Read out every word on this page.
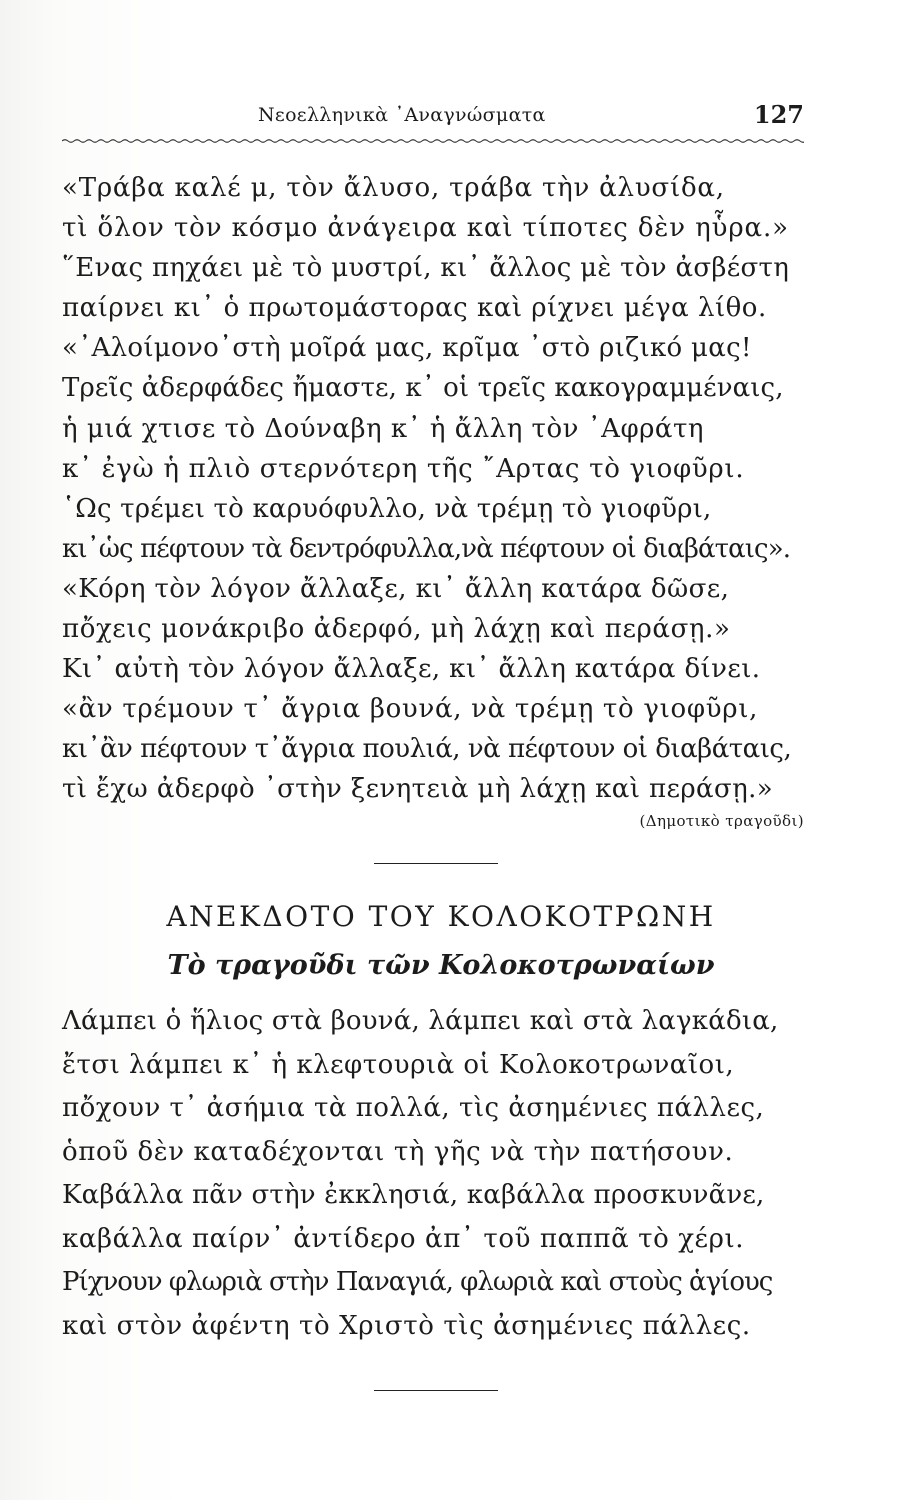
Νεοελληνικὰ ᾿Αναγνώσματα	127
«Τράβα καλέ μ, τὸν ἄλυσο, τράβα τὴν ἀλυσίδα,
τὶ ὅλον τὸν κόσμο ἀνάγειρα καὶ τίποτες δὲν ηὗρα.»
῞Ενας πηχάει μὲ τὸ μυστρί, κι᾿ ἄλλος μὲ τὸν ἀσβέστη
παίρνει κι᾿ ὁ πρωτομάστορας καὶ ρίχνει μέγα λίθο.
«᾿Αλοίμονο᾿στὴ μοῖρά μας, κρῖμα ᾿στὸ ριζικό μας!
Τρεῖς ἀδερφάδες ἤμαστε, κ᾿ οἱ τρεῖς κακογραμμέναις,
ἡ μιά χτισε τὸ Δούναβη κ᾿ ἡ ἄλλη τὸν ᾿Αφράτη
κ᾿ ἐγὼ ἡ πλιὸ στερνότερη τῆς ῎Αρτας τὸ γιοφῦρι.
῾Ως τρέμει τὸ καρυόφυλλο, νὰ τρέμῃ τὸ γιοφῦρι,
κι᾿ὡς πέφτουν τὰ δεντρόφυλλα,νὰ πέφτουν οἱ διαβάταις».
«Κόρη τὸν λόγον ἄλλαξε, κι᾿ ἄλλη κατάρα δῶσε,
πὄχεις μονάκριβο ἀδερφό, μὴ λάχῃ καὶ περάσῃ.»
Κι᾿ αὐτὴ τὸν λόγον ἄλλαξε, κι᾿ ἄλλη κατάρα δίνει.
«ἂν τρέμουν τ᾿ ἄγρια βουνά, νὰ τρέμῃ τὸ γιοφῦρι,
κι᾿ἂν πέφτουν τ᾿ἄγρια πουλιά, νὰ πέφτουν οἱ διαβάταις,
τὶ ἔχω ἀδερφὸ ᾿στὴν ξενητειὰ μὴ λάχῃ καὶ περάσῃ.»
(Δημοτικὸ τραγοῦδι)
ΑΝΕΚΔΟΤΟ ΤΟΥ ΚΟΛΟΚΟΤΡΩΝΗ
Τὸ τραγοῦδι τῶν Κολοκοτρωναίων
Λάμπει ὁ ἥλιος στὰ βουνά, λάμπει καὶ στὰ λαγκάδια,
ἔτσι λάμπει κ᾿ ἡ κλεφτουριὰ οἱ Κολοκοτρωναῖοι,
πὄχουν τ᾿ ἀσήμια τὰ πολλά, τὶς ἀσημένιες πάλλες,
ὁποῦ δὲν καταδέχονται τὴ γῆς νὰ τὴν πατήσουν.
Καβάλλα πᾶν στὴν ἐκκλησιά, καβάλλα προσκυνᾶνε,
καβάλλα παίρν᾿ ἀντίδερο ἀπ᾿ τοῦ παππᾶ τὸ χέρι.
Ρίχνουν φλωριὰ στὴν Παναγιά, φλωριὰ καὶ στοὺς ἁγίους
καὶ στὸν ἀφέντη τὸ Χριστὸ τὶς ἀσημένιες πάλλες.
